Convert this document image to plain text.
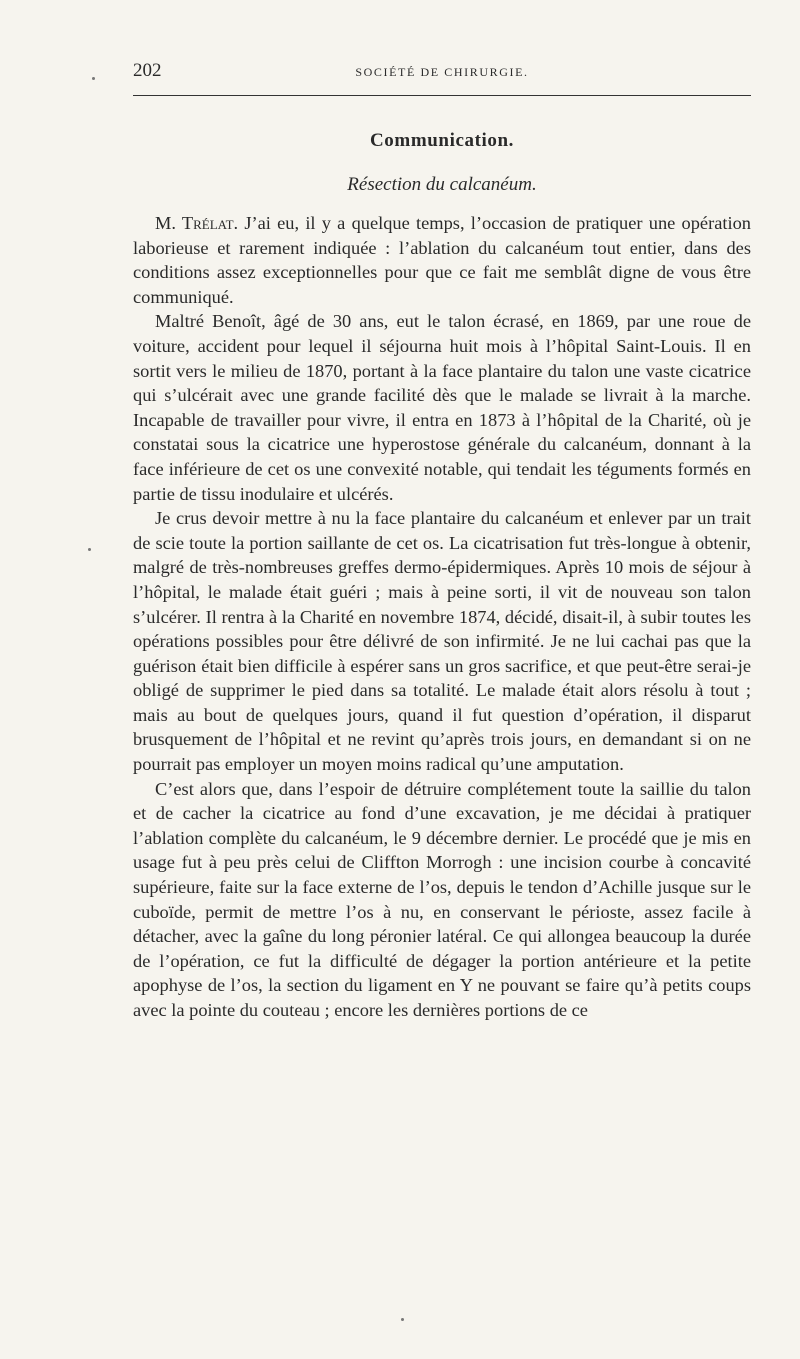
202	SOCIÉTÉ DE CHIRURGIE.
Communication.
Résection du calcanéum.

M. Trélat. J’ai eu, il y a quelque temps, l’occasion de pratiquer une opération laborieuse et rarement indiquée : l’ablation du calcanéum tout entier, dans des conditions assez exceptionnelles pour que ce fait me semblât digne de vous être communiqué.

Maltré Benoît, âgé de 30 ans, eut le talon écrasé, en 1869, par une roue de voiture, accident pour lequel il séjourna huit mois à l’hôpital Saint-Louis. Il en sortit vers le milieu de 1870, portant à la face plantaire du talon une vaste cicatrice qui s’ulcérait avec une grande facilité dès que le malade se livrait à la marche. Incapable de travailler pour vivre, il entra en 1873 à l’hôpital de la Charité, où je constatai sous la cicatrice une hyperostose générale du calcanéum, donnant à la face inférieure de cet os une convexité notable, qui tendait les téguments formés en partie de tissu inodulaire et ulcérés.

Je crus devoir mettre à nu la face plantaire du calcanéum et enlever par un trait de scie toute la portion saillante de cet os. La cicatrisation fut très-longue à obtenir, malgré de très-nombreuses greffes dermo-épidermiques. Après 10 mois de séjour à l’hôpital, le malade était guéri ; mais à peine sorti, il vit de nouveau son talon s’ulcérer. Il rentra à la Charité en novembre 1874, décidé, disait-il, à subir toutes les opérations possibles pour être délivré de son infirmité. Je ne lui cachai pas que la guérison était bien difficile à espérer sans un gros sacrifice, et que peut-être serai-je obligé de supprimer le pied dans sa totalité. Le malade était alors résolu à tout ; mais au bout de quelques jours, quand il fut question d’opération, il disparut brusquement de l’hôpital et ne revint qu’après trois jours, en demandant si on ne pourrait pas employer un moyen moins radical qu’une amputation.

C’est alors que, dans l’espoir de détruire complétement toute la saillie du talon et de cacher la cicatrice au fond d’une excavation, je me décidai à pratiquer l’ablation complète du calcanéum, le 9 décembre dernier. Le procédé que je mis en usage fut à peu près celui de Cliffton Morrogh : une incision courbe à concavité supérieure, faite sur la face externe de l’os, depuis le tendon d’Achille jusque sur le cuboïde, permit de mettre l’os à nu, en conservant le périoste, assez facile à détacher, avec la gaîne du long péronier latéral. Ce qui allongea beaucoup la durée de l’opération, ce fut la difficulté de dégager la portion antérieure et la petite apophyse de l’os, la section du ligament en Y ne pouvant se faire qu’à petits coups avec la pointe du couteau ; encore les dernières portions de ce
